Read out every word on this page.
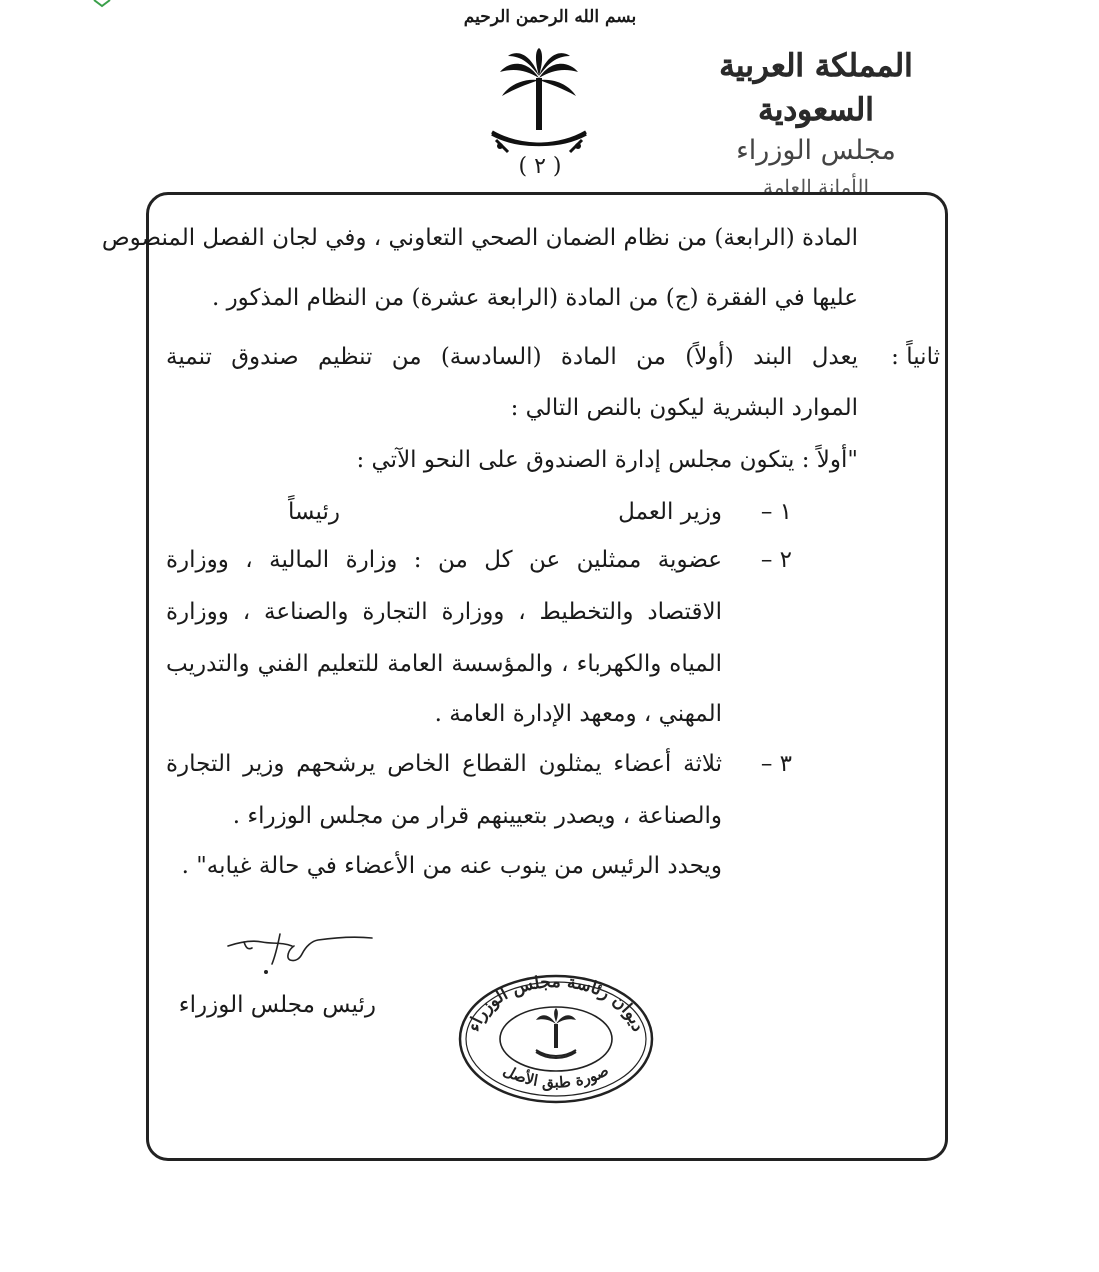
بسم الله الرحمن الرحيم
( ٢ )
المملكة العربية السعودية
مجلس الوزراء
الأمانة العامة
المادة (الرابعة) من نظام الضمان الصحي التعاوني ، وفي لجان الفصل المنصوص
عليها في الفقرة (ج) من المادة (الرابعة عشرة) من النظام المذكور .
ثانياً :
يعدل البند (أولاً) من المادة (السادسة) من تنظيم صندوق تنمية
الموارد البشرية ليكون بالنص التالي :
"أولاً : يتكون مجلس إدارة الصندوق على النحو الآتي :
١ –
وزير العمل
رئيساً
٢ –
عضوية ممثلين عن كل من : وزارة المالية ، ووزارة
الاقتصاد والتخطيط ، ووزارة التجارة والصناعة ، ووزارة
المياه والكهرباء ، والمؤسسة العامة للتعليم الفني والتدريب
المهني ، ومعهد الإدارة العامة .
٣ –
ثلاثة أعضاء يمثلون القطاع الخاص يرشحهم وزير التجارة
والصناعة ، ويصدر بتعيينهم قرار من مجلس الوزراء .
ويحدد الرئيس من ينوب عنه من الأعضاء في حالة غيابه" .
رئيس مجلس الوزراء
ديوان رئاسة مجلس الوزراء
صورة طبق الأصل
